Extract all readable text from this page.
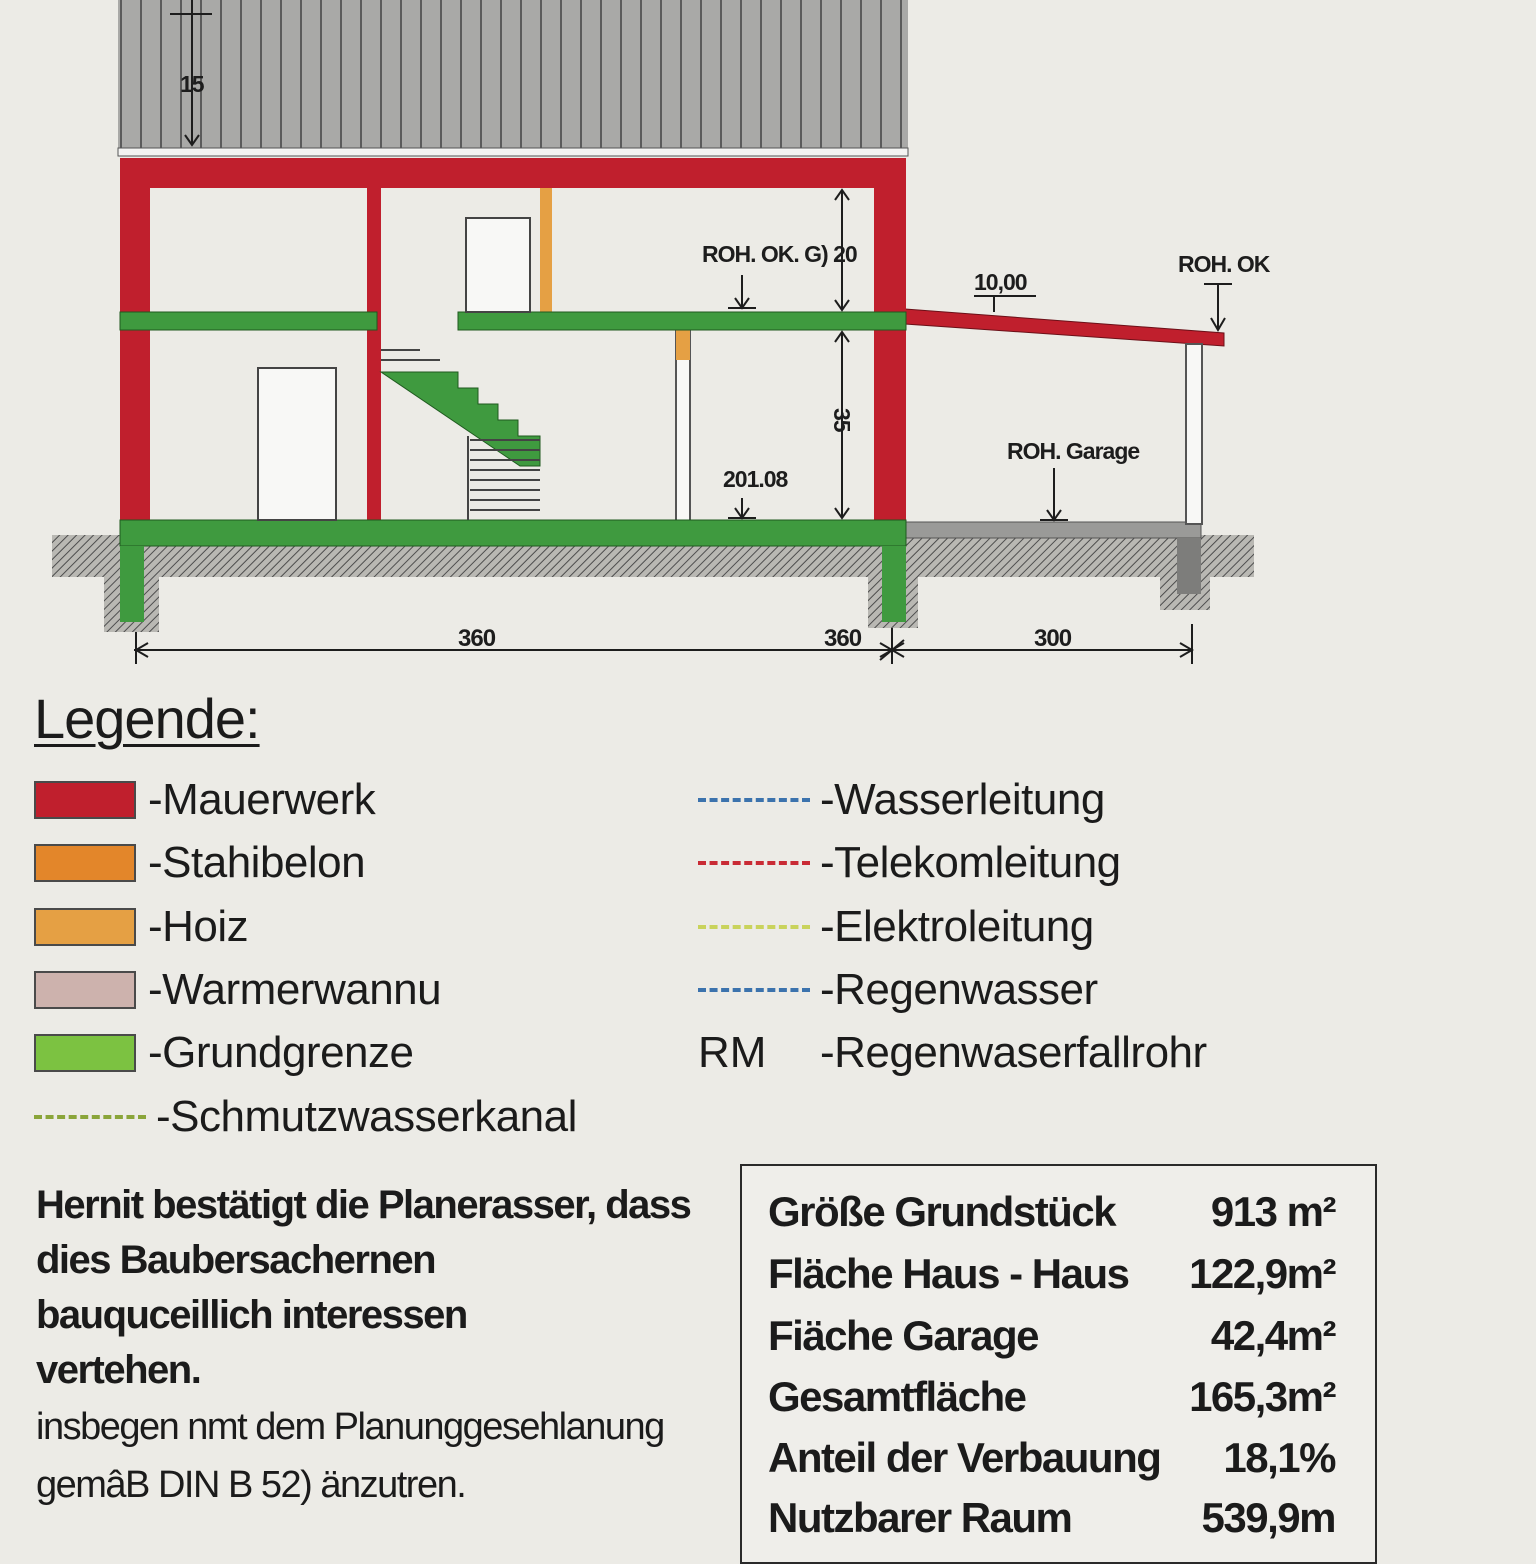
15
ROH. OK. G) 20
10,00
ROH. OK
35
201.08
ROH. Garage
360	360	300
Legende:
-Mauerwerk
-Stahibelon
-Hoiz
-Warmerwannu
-Grundgrenze
-Schmutzwasserkanal
-Wasserleitung
-Telekomleitung
-Elektroleitung
-Regenwasser
RM	-Regenwaserfallrohr
Hernit bestätigt die Planerasser, dass
dies Baubersachernen
bauquceillich interessen
vertehen.
insbegen nmt dem Planunggesehlanung
gemâB DIN B 52) änzutren.
Größe Grundstück 913 m²
Fläche Haus - Haus 122,9m²
Fiäche Garage	42,4m²
Gesamtfläche	165,3m²
Anteil der Verbauung 18,1%
Nutzbarer Raum	539,9m
